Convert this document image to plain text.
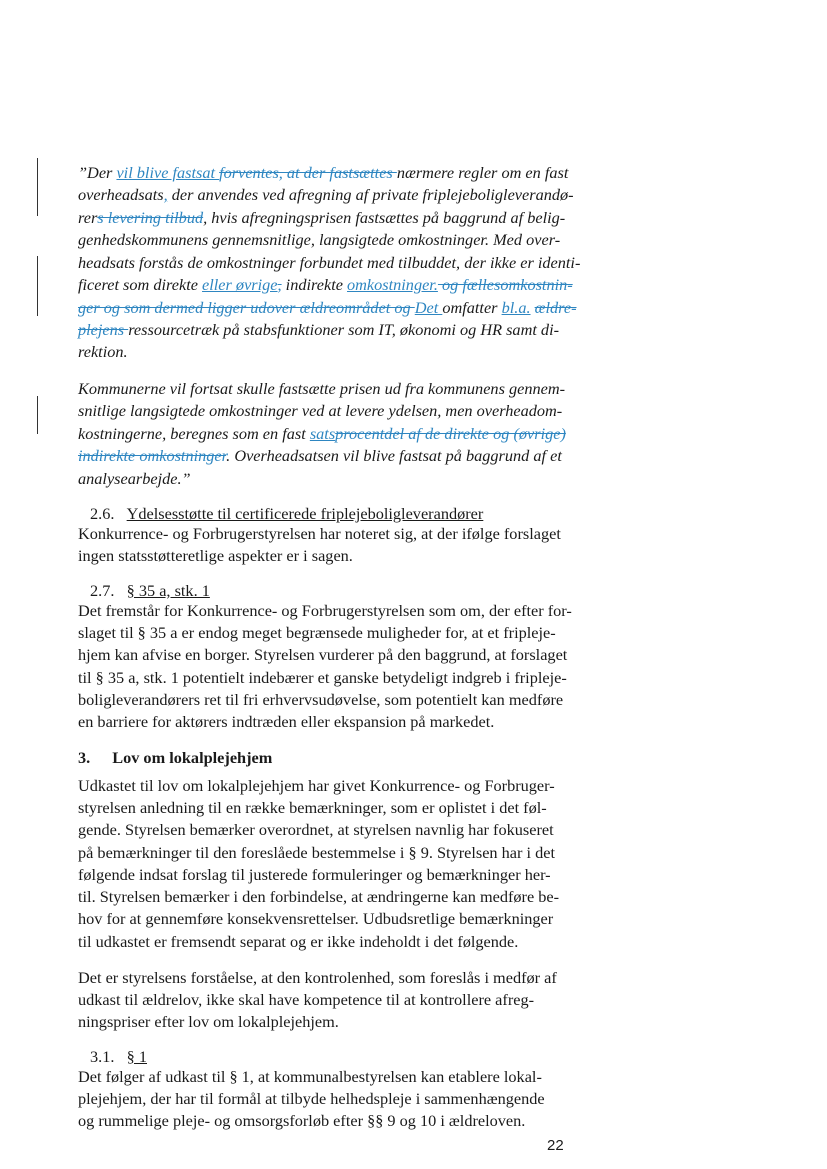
”Der vil blive fastsat forventes, at der fastsættes nærmere regler om en fast
overheadsats, der anvendes ved afregning af private friplejeboligleverandø-
rers levering tilbud, hvis afregningsprisen fastsættes på baggrund af belig-
genhedskommunens gennemsnitlige, langsigtede omkostninger. Med over-
headsats forstås de omkostninger forbundet med tilbuddet, der ikke er identi-
ficeret som direkte eller øvrige, indirekte omkostninger. og fællesomkostnin-
ger og som dermed ligger udover ældreområdet og Det omfatter bl.a. ældre-
plejens ressourcetræk på stabsfunktioner som IT, økonomi og HR samt di-
rektion.
Kommunerne vil fortsat skulle fastsætte prisen ud fra kommunens gennem-
snitlige langsigtede omkostninger ved at levere ydelsen, men overheadom-
kostningerne, beregnes som en fast satsprocentdel af de direkte og (øvrige)
indirekte omkostninger. Overheadsatsen vil blive fastsat på baggrund af et
analysearbejde.”
2.6. Ydelsesstøtte til certificerede friplejeboligleverandører
Konkurrence- og Forbrugerstyrelsen har noteret sig, at der ifølge forslaget
ingen statsstøtteretlige aspekter er i sagen.
2.7. § 35 a, stk. 1
Det fremstår for Konkurrence- og Forbrugerstyrelsen som om, der efter for-
slaget til § 35 a er endog meget begrænsede muligheder for, at et fripleje-
hjem kan afvise en borger. Styrelsen vurderer på den baggrund, at forslaget
til § 35 a, stk. 1 potentielt indebærer et ganske betydeligt indgreb i fripleje-
boligleverandørers ret til fri erhvervsudøvelse, som potentielt kan medføre
en barriere for aktørers indtræden eller ekspansion på markedet.
3. Lov om lokalplejehjem
Udkastet til lov om lokalplejehjem har givet Konkurrence- og Forbruger-
styrelsen anledning til en række bemærkninger, som er oplistet i det føl-
gende. Styrelsen bemærker overordnet, at styrelsen navnlig har fokuseret
på bemærkninger til den foreslåede bestemmelse i § 9. Styrelsen har i det
følgende indsat forslag til justerede formuleringer og bemærkninger her-
til. Styrelsen bemærker i den forbindelse, at ændringerne kan medføre be-
hov for at gennemføre konsekvensrettelser. Udbudsretlige bemærkninger
til udkastet er fremsendt separat og er ikke indeholdt i det følgende.
Det er styrelsens forståelse, at den kontrolenhed, som foreslås i medfør af
udkast til ældrelov, ikke skal have kompetence til at kontrollere afreg-
ningspriser efter lov om lokalplejehjem.
3.1. § 1
Det følger af udkast til § 1, at kommunalbestyrelsen kan etablere lokal-
plejehjem, der har til formål at tilbyde helhedspleje i sammenhængende
og rummelige pleje- og omsorgsforløb efter §§ 9 og 10 i ældreloven.
22
